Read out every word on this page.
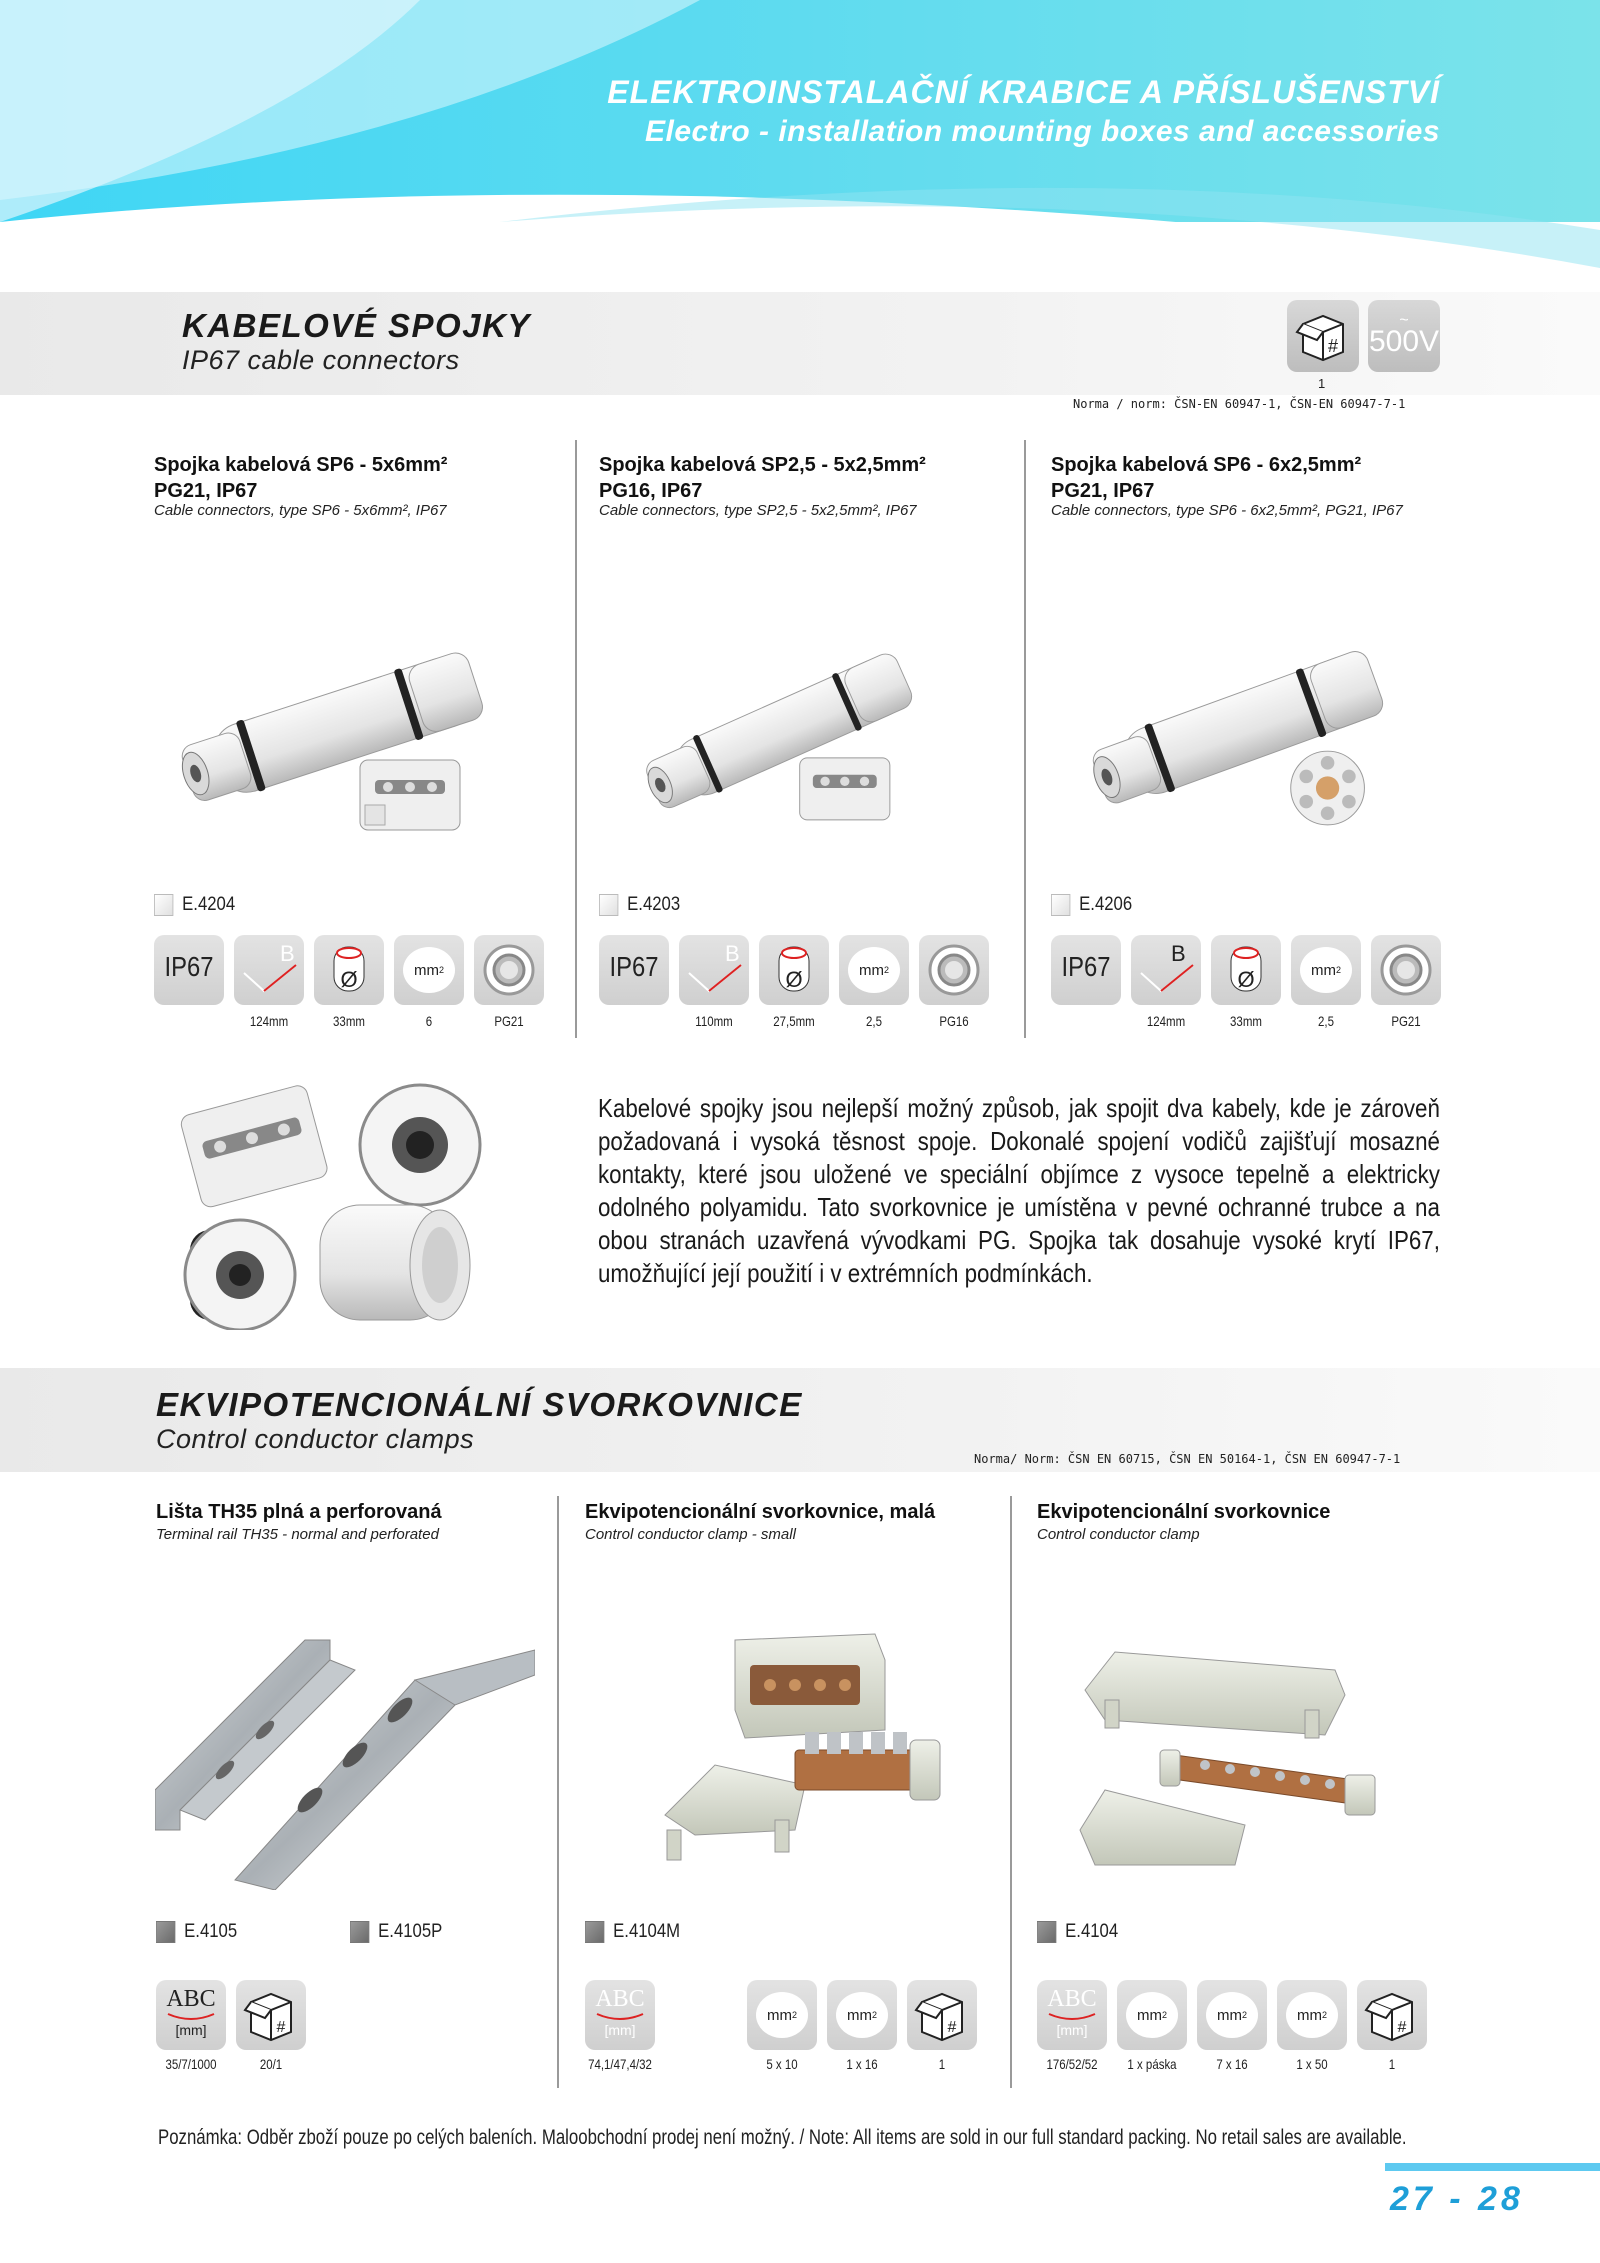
ELEKTROINSTALAČNÍ KRABICE A PŘÍSLUŠENSTVÍ
Electro - installation mounting boxes and accessories
KABELOVÉ SPOJKY
IP67 cable connectors	#
~
500V
1
Norma / norm: ČSN-EN 60947-1, ČSN-EN 60947-7-1
Spojka kabelová SP6 - 5x6mm²
PG21, IP67
Cable connectors, type SP6 - 5x6mm², IP67
E.4204
IP67	B
Ø	mm 2
124mm	33mm	6	PG21
Spojka kabelová SP2,5 - 5x2,5mm²
PG16, IP67
Cable connectors, type SP2,5 - 5x2,5mm², IP67
E.4203
IP67	B
Ø	mm 2
110mm	27,5mm	2,5	PG16
Spojka kabelová SP6 - 6x2,5mm²
PG21, IP67
Cable connectors, type SP6 - 6x2,5mm², PG21, IP67
E.4206
IP67	B
Ø	mm 2
124mm	33mm	2,5	PG21
Kabelové spojky jsou nejlepší možný způsob, jak spojit dva kabely, kde je zároveň požadovaná i vysoká těsnost spoje. Dokonalé spojení vodičů zajišťují mosazné kontakty, které jsou uložené ve speciální objímce z vysoce tepelně a elektricky odolného polyamidu. Tato svorkovnice je umístěna v pevné ochranné trubce a na obou stranách uzavřená vývodkami PG. Spojka tak dosahuje vysoké krytí IP67, umožňující její použití i v extrémních podmínkách.
EKVIPOTENCIONÁLNÍ SVORKOVNICE
Control conductor clamps
Norma/ Norm: ČSN EN 60715, ČSN EN 50164-1, ČSN EN 60947-7-1
Lišta TH35 plná a perforovaná
Terminal rail TH35 - normal and perforated
E.4105	E.4105P
ABC
[mm]	#
35/7/1000	20/1
Ekvipotencionální svorkovnice, malá
Control conductor clamp - small
E.4104M
ABC
[mm]
mm 2	mm 2
#
74,1/47,4/32	5 x 10	1 x 16	1
Ekvipotencionální svorkovnice
Control conductor clamp
E.4104
ABC
[mm]
mm 2	mm 2	mm 2
#
176/52/52	1 x páska	7 x 16	1 x 50	1
Poznámka: Odběr zboží pouze po celých baleních. Maloobchodní prodej není možný. / Note: All items are sold in our full standard packing. No retail sales are available.
27 - 28
